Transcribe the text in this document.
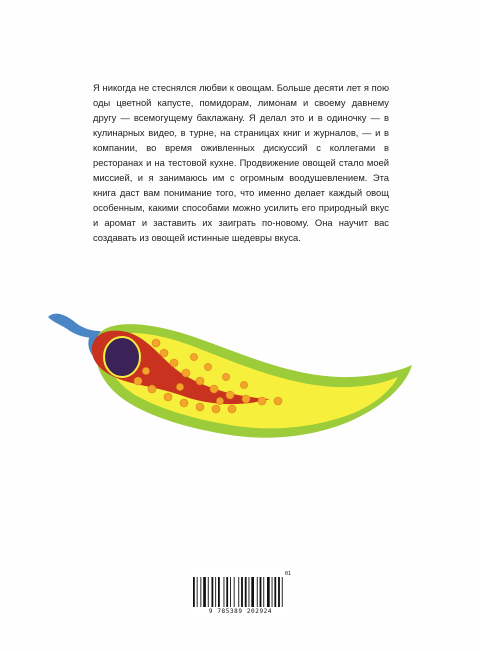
Я никогда не стеснялся любви к овощам. Больше десяти лет я пою оды цветной капусте, помидорам, лимонам и своему давнему другу — всемогущему баклажану. Я делал это и в одиночку — в кулинарных видео, в турне, на страницах книг и журналов, — и в компании, во время оживленных дискуссий с коллегами в ресторанах и на тестовой кухне. Продвижение овощей стало моей миссией, и я занимаюсь им с огромным воодушевлением. Эта книга даст вам понимание того, что именно делает каждый овощ особенным, какими способами можно усилить его природный вкус и аромат и заставить их заиграть по-новому. Она научит вас создавать из овощей истинные шедевры вкуса.

01
9 785389 202924
